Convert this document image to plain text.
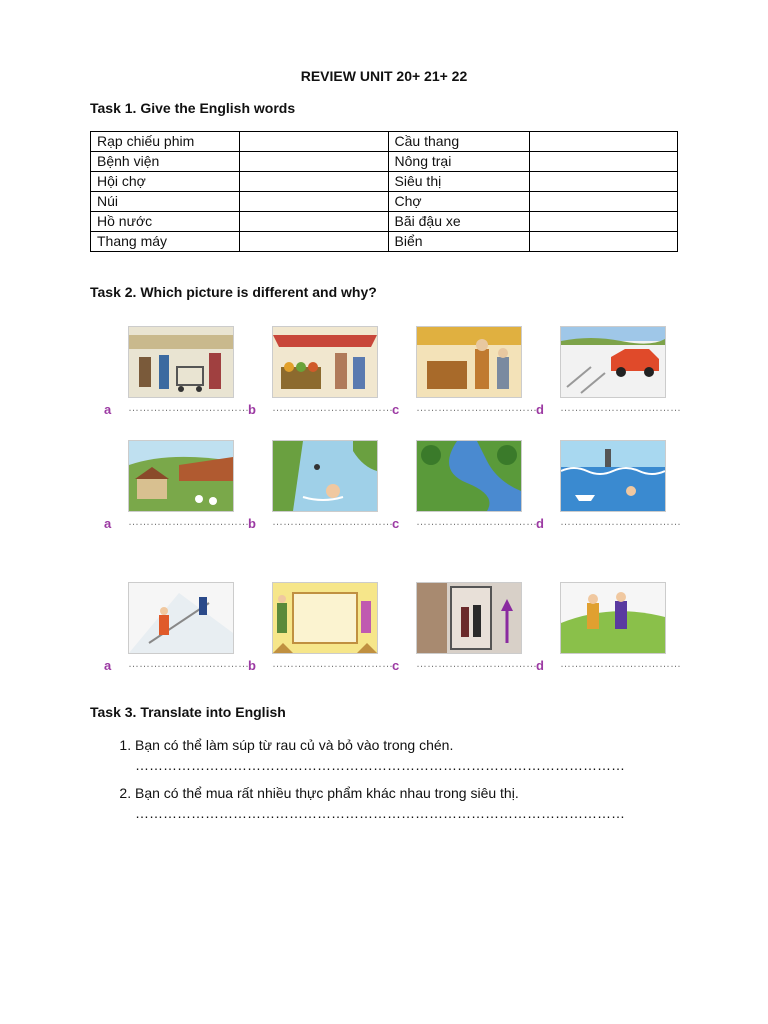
REVIEW UNIT 20+ 21+ 22
Task 1. Give the English words
Rạp chiếu phim		Cầu thang	
Bệnh viện		Nông trại	
Hội chợ		Siêu thị	
Núi		Chợ	
Hồ nước		Bãi đậu xe	
Thang máy		Biển	
Task 2. Which picture is different and why?
a …………………………… b …………………………… c …………………………… d ……………………………
a …………………………… b …………………………… c …………………………… d ……………………………
a …………………………… b …………………………… c …………………………… d ……………………………
Task 3. Translate into English
1. Bạn có thể làm súp từ rau củ và bỏ vào trong chén.
……………………………………………………………………………………………
2. Bạn có thể mua rất nhiều thực phẩm khác nhau trong siêu thị.
……………………………………………………………………………………………
